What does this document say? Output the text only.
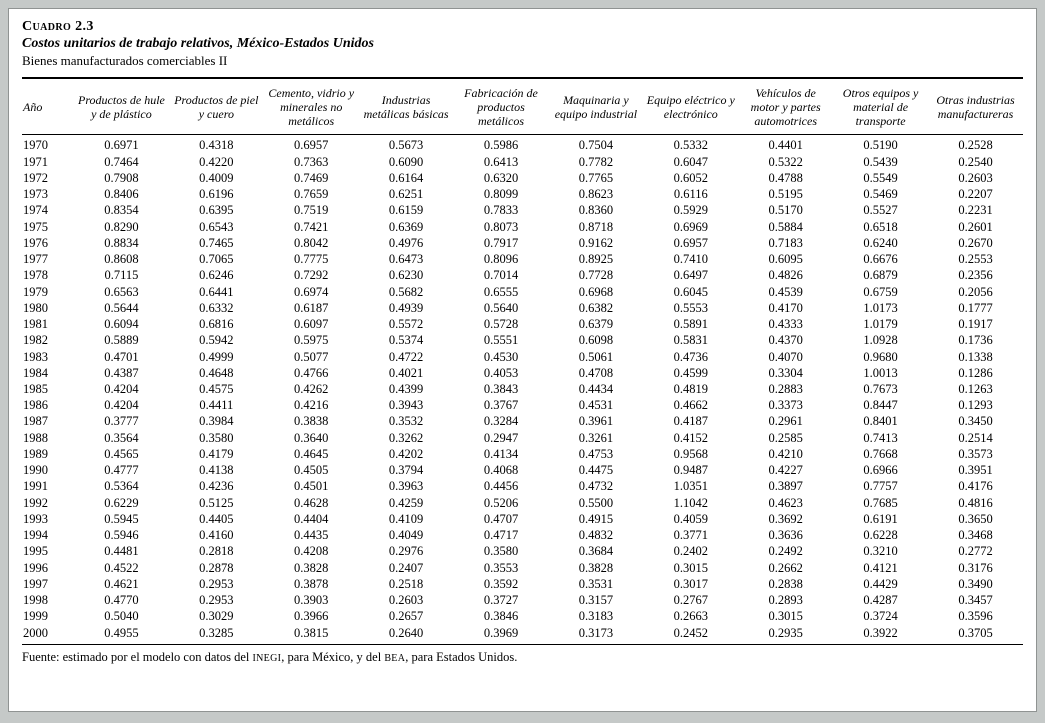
Cuadro 2.3
Costos unitarios de trabajo relativos, México-Estados Unidos
Bienes manufacturados comerciables II
Año	Productos de hule y de plástico	Productos de piel y cuero	Cemento, vidrio y minerales no metálicos	Industrias metálicas básicas	Fabricación de productos metálicos	Maquinaria y equipo industrial	Equipo eléctrico y electrónico	Vehículos de motor y partes automotrices	Otros equipos y material de transporte	Otras industrias manufactureras
1970	0.6971	0.4318	0.6957	0.5673	0.5986	0.7504	0.5332	0.4401	0.5190	0.2528
1971	0.7464	0.4220	0.7363	0.6090	0.6413	0.7782	0.6047	0.5322	0.5439	0.2540
1972	0.7908	0.4009	0.7469	0.6164	0.6320	0.7765	0.6052	0.4788	0.5549	0.2603
1973	0.8406	0.6196	0.7659	0.6251	0.8099	0.8623	0.6116	0.5195	0.5469	0.2207
1974	0.8354	0.6395	0.7519	0.6159	0.7833	0.8360	0.5929	0.5170	0.5527	0.2231
1975	0.8290	0.6543	0.7421	0.6369	0.8073	0.8718	0.6969	0.5884	0.6518	0.2601
1976	0.8834	0.7465	0.8042	0.4976	0.7917	0.9162	0.6957	0.7183	0.6240	0.2670
1977	0.8608	0.7065	0.7775	0.6473	0.8096	0.8925	0.7410	0.6095	0.6676	0.2553
1978	0.7115	0.6246	0.7292	0.6230	0.7014	0.7728	0.6497	0.4826	0.6879	0.2356
1979	0.6563	0.6441	0.6974	0.5682	0.6555	0.6968	0.6045	0.4539	0.6759	0.2056
1980	0.5644	0.6332	0.6187	0.4939	0.5640	0.6382	0.5553	0.4170	1.0173	0.1777
1981	0.6094	0.6816	0.6097	0.5572	0.5728	0.6379	0.5891	0.4333	1.0179	0.1917
1982	0.5889	0.5942	0.5975	0.5374	0.5551	0.6098	0.5831	0.4370	1.0928	0.1736
1983	0.4701	0.4999	0.5077	0.4722	0.4530	0.5061	0.4736	0.4070	0.9680	0.1338
1984	0.4387	0.4648	0.4766	0.4021	0.4053	0.4708	0.4599	0.3304	1.0013	0.1286
1985	0.4204	0.4575	0.4262	0.4399	0.3843	0.4434	0.4819	0.2883	0.7673	0.1263
1986	0.4204	0.4411	0.4216	0.3943	0.3767	0.4531	0.4662	0.3373	0.8447	0.1293
1987	0.3777	0.3984	0.3838	0.3532	0.3284	0.3961	0.4187	0.2961	0.8401	0.3450
1988	0.3564	0.3580	0.3640	0.3262	0.2947	0.3261	0.4152	0.2585	0.7413	0.2514
1989	0.4565	0.4179	0.4645	0.4202	0.4134	0.4753	0.9568	0.4210	0.7668	0.3573
1990	0.4777	0.4138	0.4505	0.3794	0.4068	0.4475	0.9487	0.4227	0.6966	0.3951
1991	0.5364	0.4236	0.4501	0.3963	0.4456	0.4732	1.0351	0.3897	0.7757	0.4176
1992	0.6229	0.5125	0.4628	0.4259	0.5206	0.5500	1.1042	0.4623	0.7685	0.4816
1993	0.5945	0.4405	0.4404	0.4109	0.4707	0.4915	0.4059	0.3692	0.6191	0.3650
1994	0.5946	0.4160	0.4435	0.4049	0.4717	0.4832	0.3771	0.3636	0.6228	0.3468
1995	0.4481	0.2818	0.4208	0.2976	0.3580	0.3684	0.2402	0.2492	0.3210	0.2772
1996	0.4522	0.2878	0.3828	0.2407	0.3553	0.3828	0.3015	0.2662	0.4121	0.3176
1997	0.4621	0.2953	0.3878	0.2518	0.3592	0.3531	0.3017	0.2838	0.4429	0.3490
1998	0.4770	0.2953	0.3903	0.2603	0.3727	0.3157	0.2767	0.2893	0.4287	0.3457
1999	0.5040	0.3029	0.3966	0.2657	0.3846	0.3183	0.2663	0.3015	0.3724	0.3596
2000	0.4955	0.3285	0.3815	0.2640	0.3969	0.3173	0.2452	0.2935	0.3922	0.3705

Fuente: estimado por el modelo con datos del INEGI, para México, y del BEA, para Estados Unidos.
